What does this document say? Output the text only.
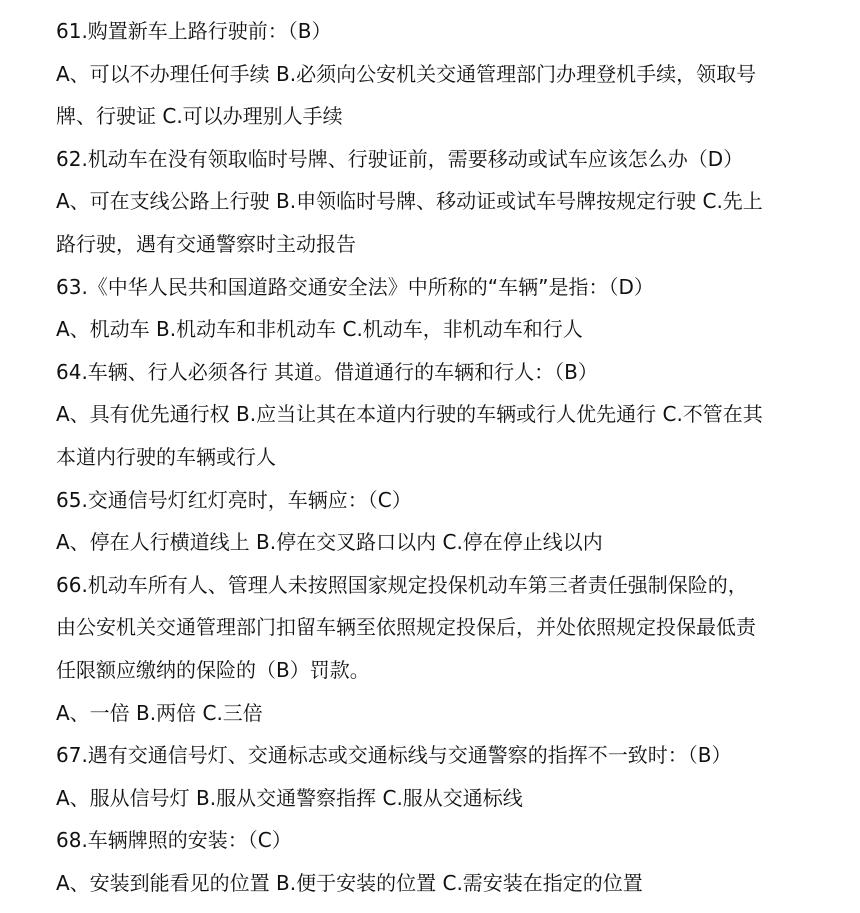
61.购置新车上路行驶前：（B）
A、可以不办理任何手续 B.必须向公安机关交通管理部门办理登机手续，领取号
牌、行驶证 C.可以办理别人手续
62.机动车在没有领取临时号牌、行驶证前，需要移动或试车应该怎么办（D）
A、可在支线公路上行驶 B.申领临时号牌、移动证或试车号牌按规定行驶 C.先上
路行驶，遇有交通警察时主动报告
63.《中华人民共和国道路交通安全法》中所称的“车辆”是指：（D）
A、机动车 B.机动车和非机动车 C.机动车，非机动车和行人
64.车辆、行人必须各行 其道。借道通行的车辆和行人：（B）
A、具有优先通行权 B.应当让其在本道内行驶的车辆或行人优先通行 C.不管在其
本道内行驶的车辆或行人
65.交通信号灯红灯亮时，车辆应：（C）
A、停在人行横道线上 B.停在交叉路口以内 C.停在停止线以内
66.机动车所有人、管理人未按照国家规定投保机动车第三者责任强制保险的，
由公安机关交通管理部门扣留车辆至依照规定投保后，并处依照规定投保最低责
任限额应缴纳的保险的（B）罚款。
A、一倍 B.两倍 C.三倍
67.遇有交通信号灯、交通标志或交通标线与交通警察的指挥不一致时：（B）
A、服从信号灯 B.服从交通警察指挥 C.服从交通标线
68.车辆牌照的安装：（C）
A、安装到能看见的位置 B.便于安装的位置 C.需安装在指定的位置
